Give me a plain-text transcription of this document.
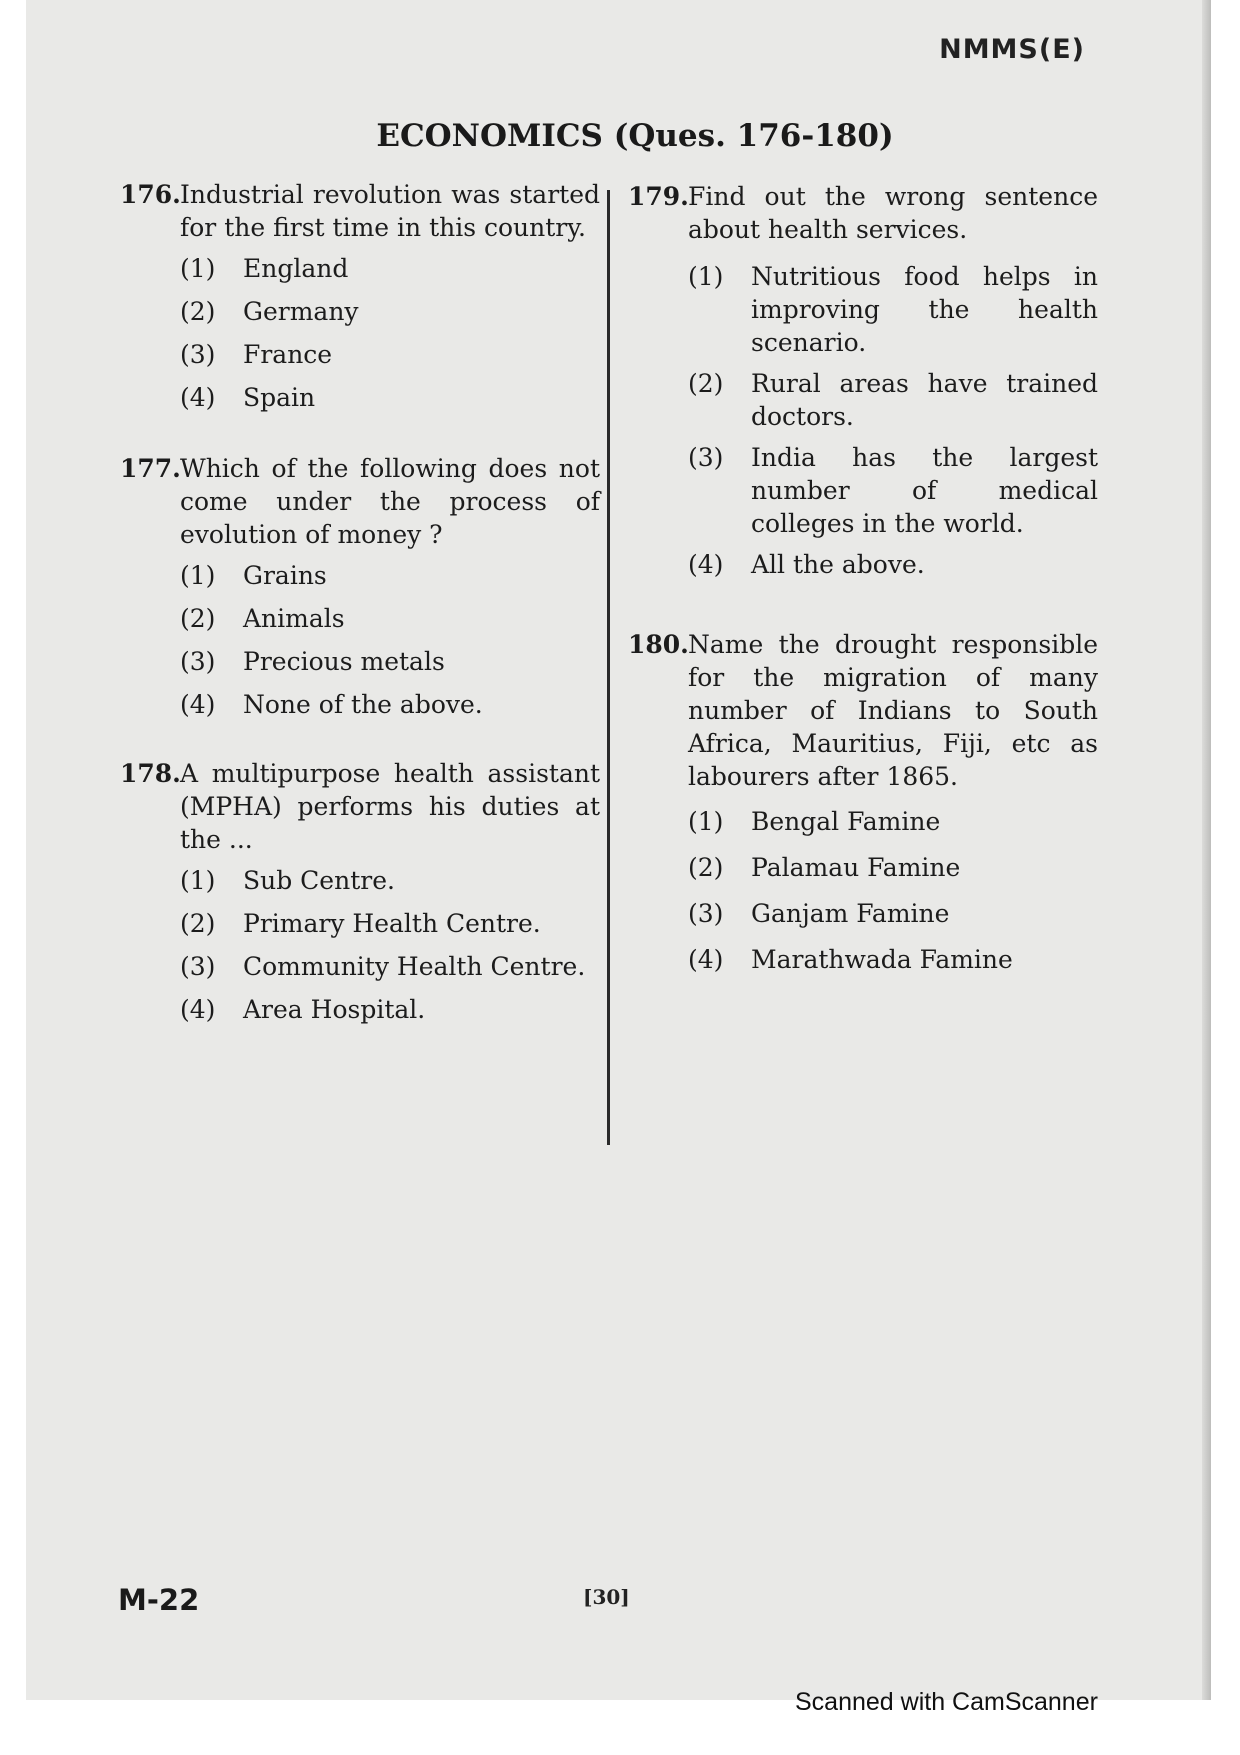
NMMS(E)
ECONOMICS (Ques. 176-180)
176. Industrial revolution was started for the first time in this country.
(1) England
(2) Germany
(3) France
(4) Spain
177. Which of the following does not come under the process of evolution of money ?
(1) Grains
(2) Animals
(3) Precious metals
(4) None of the above.
178. A multipurpose health assistant (MPHA) performs his duties at the ...
(1) Sub Centre.
(2) Primary Health Centre.
(3) Community Health Centre.
(4) Area Hospital.
179. Find out the wrong sentence about health services.
(1) Nutritious food helps in improving the health scenario.
(2) Rural areas have trained doctors.
(3) India has the largest number of medical colleges in the world.
(4) All the above.
180. Name the drought responsible for the migration of many number of Indians to South Africa, Mauritius, Fiji, etc as labourers after 1865.
(1) Bengal Famine
(2) Palamau Famine
(3) Ganjam Famine
(4) Marathwada Famine
M-22	[30]
Scanned with CamScanner
